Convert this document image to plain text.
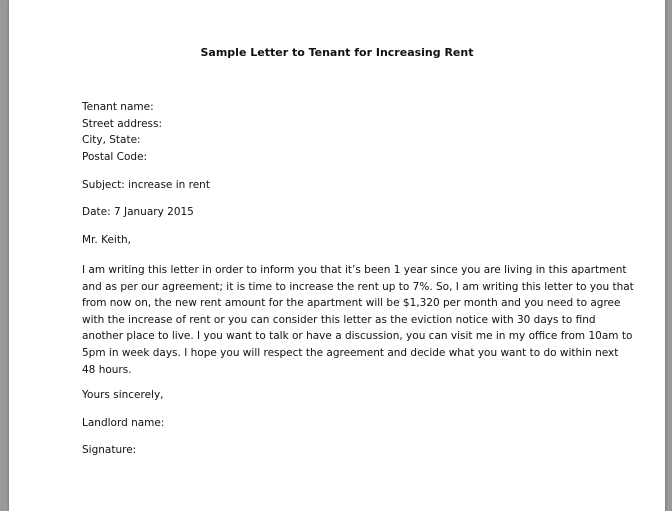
Sample Letter to Tenant for Increasing Rent
Tenant name:
Street address:
City, State:
Postal Code:
Subject: increase in rent
Date: 7 January 2015
Mr. Keith,
I am writing this letter in order to inform you that it’s been 1 year since you are living in this apartment
and as per our agreement; it is time to increase the rent up to 7%. So, I am writing this letter to you that
from now on, the new rent amount for the apartment will be $1,320 per month and you need to agree
with the increase of rent or you can consider this letter as the eviction notice with 30 days to find
another place to live. I you want to talk or have a discussion, you can visit me in my office from 10am to
5pm in week days. I hope you will respect the agreement and decide what you want to do within next
48 hours.
Yours sincerely,
Landlord name:
Signature:
